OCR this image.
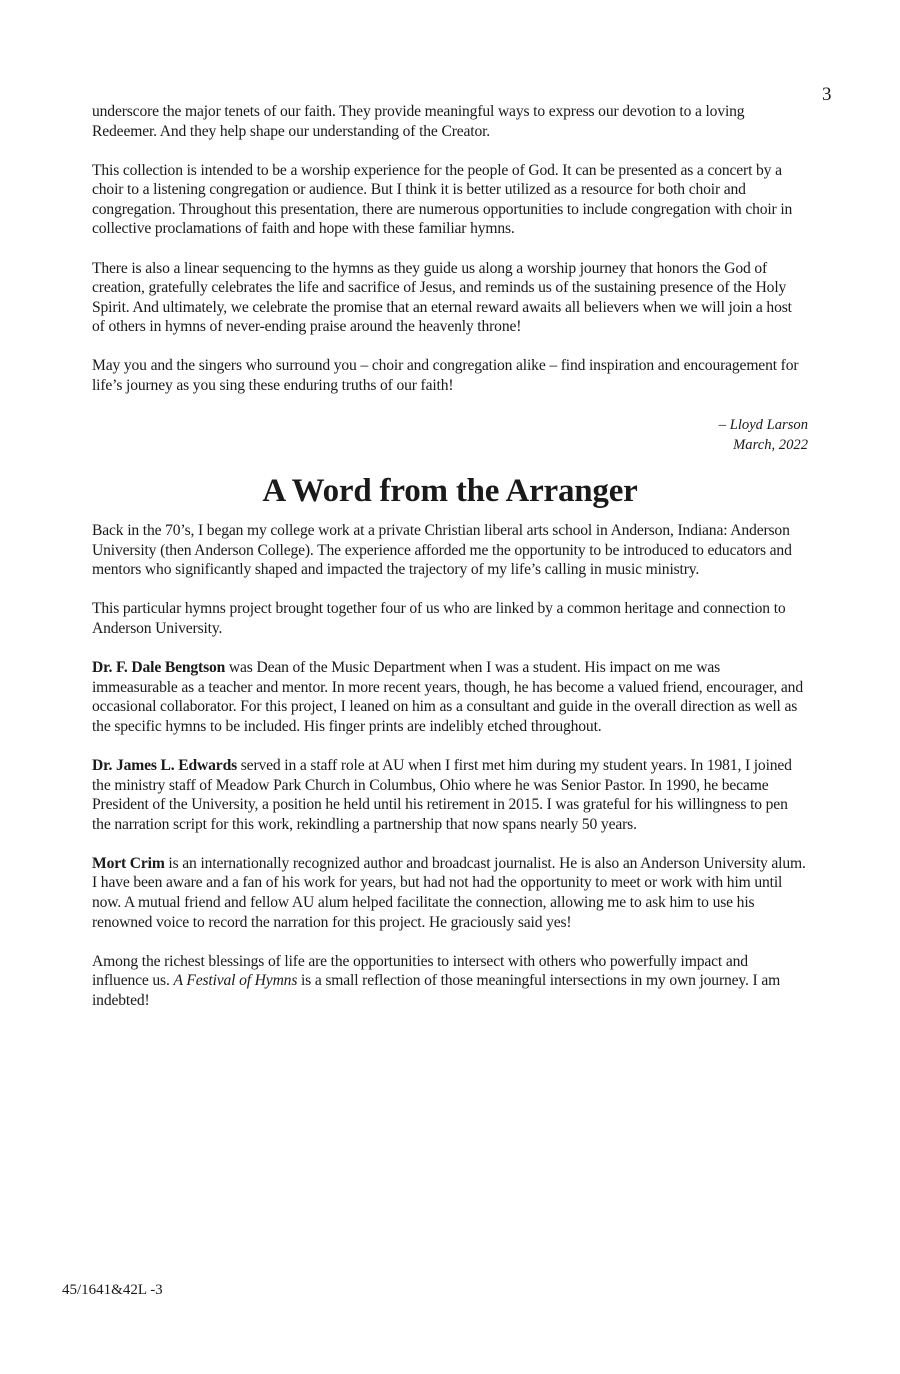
3

underscore the major tenets of our faith. They provide meaningful ways to express our devotion to a loving Redeemer. And they help shape our understanding of the Creator.

This collection is intended to be a worship experience for the people of God. It can be presented as a concert by a choir to a listening congregation or audience. But I think it is better utilized as a resource for both choir and congregation. Throughout this presentation, there are numerous opportunities to include congregation with choir in collective proclamations of faith and hope with these familiar hymns.

There is also a linear sequencing to the hymns as they guide us along a worship journey that honors the God of creation, gratefully celebrates the life and sacrifice of Jesus, and reminds us of the sustaining presence of the Holy Spirit. And ultimately, we celebrate the promise that an eternal reward awaits all believers when we will join a host of others in hymns of never-ending praise around the heavenly throne!

May you and the singers who surround you – choir and congregation alike – find inspiration and encouragement for life’s journey as you sing these enduring truths of our faith!

– Lloyd Larson
March, 2022
A Word from the Arranger

Back in the 70’s, I began my college work at a private Christian liberal arts school in Anderson, Indiana: Anderson University (then Anderson College). The experience afforded me the opportunity to be introduced to educators and mentors who significantly shaped and impacted the trajectory of my life’s calling in music ministry.

This particular hymns project brought together four of us who are linked by a common heritage and connection to Anderson University.

Dr. F. Dale Bengtson was Dean of the Music Department when I was a student. His impact on me was immeasurable as a teacher and mentor. In more recent years, though, he has become a valued friend, encourager, and occasional collaborator. For this project, I leaned on him as a consultant and guide in the overall direction as well as the specific hymns to be included. His finger prints are indelibly etched throughout.

Dr. James L. Edwards served in a staff role at AU when I first met him during my student years. In 1981, I joined the ministry staff of Meadow Park Church in Columbus, Ohio where he was Senior Pastor. In 1990, he became President of the University, a position he held until his retirement in 2015. I was grateful for his willingness to pen the narration script for this work, rekindling a partnership that now spans nearly 50 years.

Mort Crim is an internationally recognized author and broadcast journalist. He is also an Anderson University alum. I have been aware and a fan of his work for years, but had not had the opportunity to meet or work with him until now. A mutual friend and fellow AU alum helped facilitate the connection, allowing me to ask him to use his renowned voice to record the narration for this project. He graciously said yes!

Among the richest blessings of life are the opportunities to intersect with others who powerfully impact and influence us. A Festival of Hymns is a small reflection of those meaningful intersections in my own journey. I am indebted!

45/1641&42L -3
